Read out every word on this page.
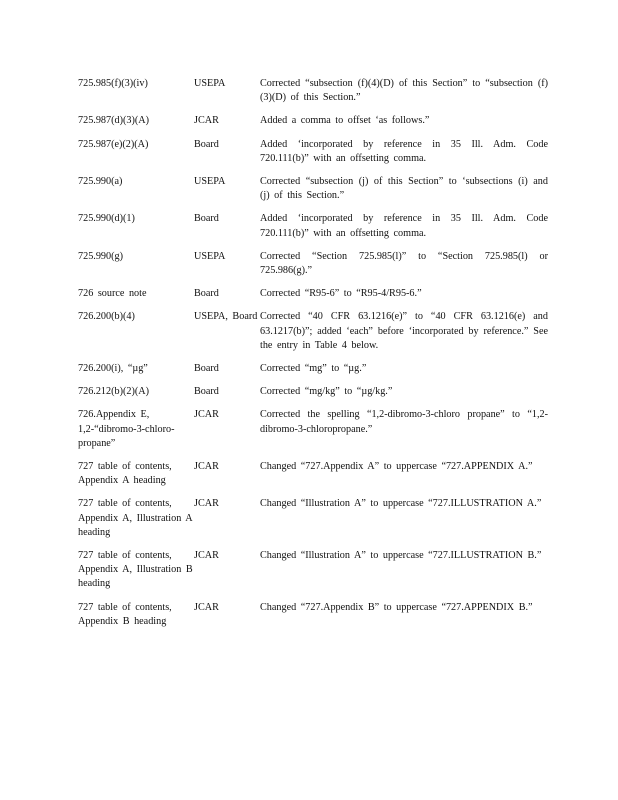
725.985(f)(3)(iv)	USEPA	Corrected “subsection (f)(4)(D) of this Section” to “subsection (f)(3)(D) of this Section.”
725.987(d)(3)(A)	JCAR	Added a comma to offset ‘as follows.”
725.987(e)(2)(A)	Board	Added ‘incorporated by reference in 35 Ill. Adm. Code 720.111(b)” with an offsetting comma.
725.990(a)	USEPA	Corrected “subsection (j) of this Section” to ‘subsections (i) and (j) of this Section.”
725.990(d)(1)	Board	Added ‘incorporated by reference in 35 Ill. Adm. Code 720.111(b)” with an offsetting comma.
725.990(g)	USEPA	Corrected “Section 725.985(l)” to “Section 725.985(l) or 725.986(g).”
726 source note	Board	Corrected “R95-6” to “R95-4/R95-6.”
726.200(b)(4)	USEPA, Board	Corrected “40 CFR 63.1216(e)” to “40 CFR 63.1216(e) and 63.1217(b)”; added ‘each” before ‘incorporated by reference.” See the entry in Table 4 below.
726.200(i), “µg”	Board	Corrected “mg” to “µg.”
726.212(b)(2)(A)	Board	Corrected “mg/kg” to “µg/kg.”
726.Appendix E, 1,2-“dibromo-3-chloro-propane”	JCAR	Corrected the spelling “1,2-dibromo-3-chloro propane” to “1,2-dibromo-3-chloropropane.”
727 table of contents, Appendix A heading	JCAR	Changed “727.Appendix A” to uppercase “727.APPENDIX A.”
727 table of contents, Appendix A, Illustration A heading	JCAR	Changed “Illustration A” to uppercase “727.ILLUSTRATION A.”
727 table of contents, Appendix A, Illustration B heading	JCAR	Changed “Illustration A” to uppercase “727.ILLUSTRATION B.”
727 table of contents, Appendix B heading	JCAR	Changed “727.Appendix B” to uppercase “727.APPENDIX B.”
